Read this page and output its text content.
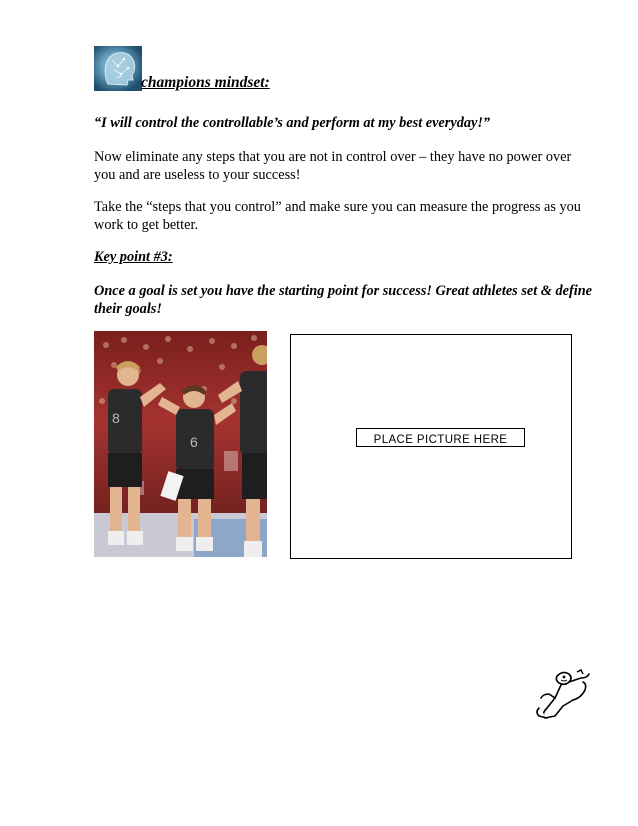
champions mindset:
“I will control the controllable’s and perform at my best everyday!”
Now eliminate any steps that you are not in control over – they have no power over you and are useless to your success!
Take the “steps that you control” and make sure you can measure the progress as you work to get better.
Key point #3:
Once a goal is set you have the starting point for success! Great athletes set & define their goals!
8
6	PLACE PICTURE HERE
